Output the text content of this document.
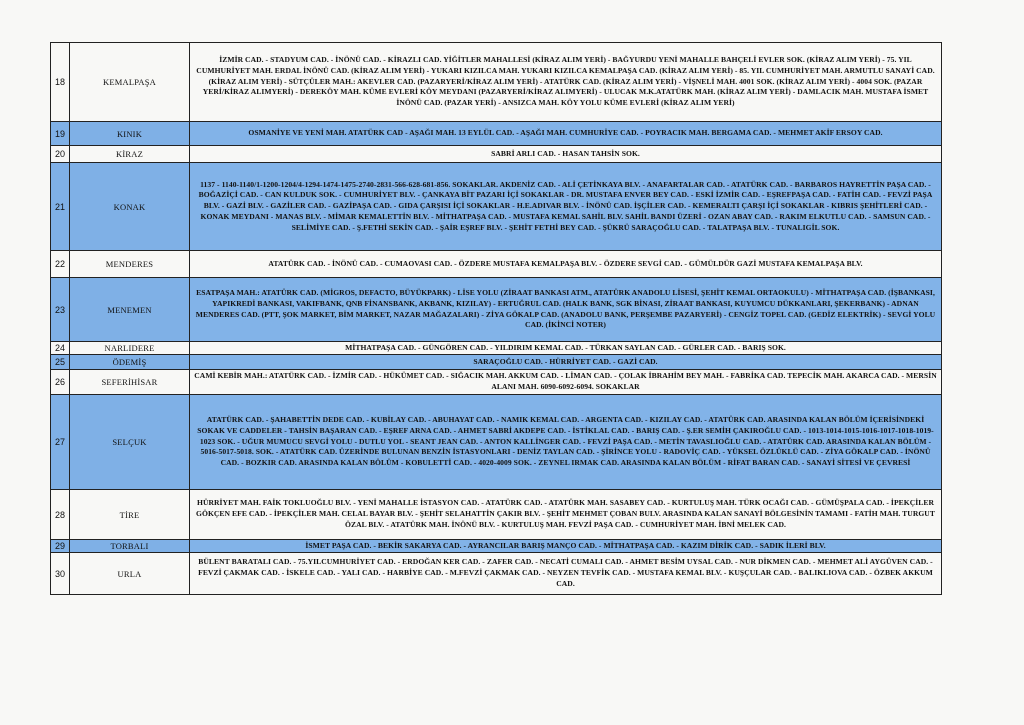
18	KEMALPAŞA	İZMİR CAD. - STADYUM CAD. - İNÖNÜ CAD. - KİRAZLI CAD. YİĞİTLER MAHALLESİ (KİRAZ ALIM YERİ) - BAĞYURDU YENİ MAHALLE BAHÇELİ EVLER SOK. (KİRAZ ALIM YERİ) - 75. YIL CUMHURİYET MAH. ERDAL İNÖNÜ CAD. (KİRAZ ALIM YERİ) - YUKARI KIZILCA MAH. YUKARI KIZILCA KEMALPAŞA CAD. (KİRAZ ALIM YERİ) - 85. YIL CUMHURİYET MAH. ARMUTLU SANAYİ CAD. (KİRAZ ALIM YERİ) - SÜTÇÜLER MAH.: AKEVLER CAD. (PAZARYERİ/KİRAZ ALIM YERİ) - ATATÜRK CAD. (KİRAZ ALIM YERİ) - VİŞNELİ MAH. 4001 SOK. (KİRAZ ALIM YERİ) - 4004 SOK. (PAZAR YERİ/KİRAZ ALIMYERİ) - DEREKÖY MAH. KÜME EVLERİ KÖY MEYDANI (PAZARYERİ/KİRAZ ALIMYERİ) - ULUCAK M.K.ATATÜRK MAH. (KİRAZ ALIM YERİ) - DAMLACIK MAH. MUSTAFA İSMET İNÖNÜ CAD. (PAZAR YERİ) - ANSIZCA MAH. KÖY YOLU KÜME EVLERİ (KİRAZ ALIM YERİ)
19	KINIK	OSMANİYE VE YENİ MAH. ATATÜRK CAD - AŞAĞI MAH. 13 EYLÜL CAD. - AŞAĞI MAH. CUMHURİYE CAD. - POYRACIK MAH. BERGAMA CAD. - MEHMET AKİF ERSOY CAD.
20	KİRAZ	SABRİ ARLI CAD. - HASAN TAHSİN SOK.
21	KONAK	1137 - 1140-1140/1-1200-1204/4-1294-1474-1475-2740-2831-566-628-681-856. SOKAKLAR. AKDENİZ CAD. - ALİ ÇETİNKAYA BLV. - ANAFARTALAR CAD. - ATATÜRK CAD. - BARBAROS HAYRETTİN PAŞA CAD. - BOĞAZİÇİ CAD. - CAN KULDUK SOK. - CUMHURİYET BLV. - ÇANKAYA BİT PAZARI İÇİ SOKAKLAR - DR. MUSTAFA ENVER BEY CAD. - ESKİ İZMİR CAD. - EŞREFPAŞA CAD. - FATİH CAD. - FEVZİ PAŞA BLV. - GAZİ BLV. - GAZİLER CAD. - GAZİPAŞA CAD. - GIDA ÇARŞISI İÇİ SOKAKLAR - H.E.ADIVAR BLV. - İNÖNÜ CAD. İŞÇİLER CAD. - KEMERALTI ÇARŞI İÇİ SOKAKLAR - KIBRIS ŞEHİTLERİ CAD. - KONAK MEYDANI - MANAS BLV. - MİMAR KEMALETTİN BLV. - MİTHATPAŞA CAD. - MUSTAFA KEMAL SAHİL BLV. SAHİL BANDI ÜZERİ - OZAN ABAY CAD. - RAKIM ELKUTLU CAD. - SAMSUN CAD. - SELİMİYE CAD. - Ş.FETHİ SEKİN CAD. - ŞAİR EŞREF BLV. - ŞEHİT FETHİ BEY CAD. - ŞÜKRÜ SARAÇOĞLU CAD. - TALATPAŞA BLV. - TUNALIGİL SOK.
22	MENDERES	ATATÜRK CAD. - İNÖNÜ CAD. - CUMAOVASI CAD. - ÖZDERE MUSTAFA KEMALPAŞA BLV. - ÖZDERE SEVGİ CAD. - GÜMÜLDÜR GAZİ MUSTAFA KEMALPAŞA BLV.
23	MENEMEN	ESATPAŞA MAH.: ATATÜRK CAD. (MİGROS, DEFACTO, BÜYÜKPARK) - LİSE YOLU (ZİRAAT BANKASI ATM., ATATÜRK ANADOLU LİSESİ, ŞEHİT KEMAL ORTAOKULU) - MİTHATPAŞA CAD. (İŞBANKASI, YAPIKREDİ BANKASI, VAKIFBANK, QNB FİNANSBANK, AKBANK, KIZILAY) - ERTUĞRUL CAD. (HALK BANK, SGK BİNASI, ZİRAAT BANKASI, KUYUMCU DÜKKANLARI, ŞEKERBANK) - ADNAN MENDERES CAD. (PTT, ŞOK MARKET, BİM MARKET, NAZAR MAĞAZALARI) - ZİYA GÖKALP CAD. (ANADOLU BANK, PERŞEMBE PAZARYERİ) - CENGİZ TOPEL CAD. (GEDİZ ELEKTRİK) - SEVGİ YOLU CAD. (İKİNCİ NOTER)
24	NARLIDERE	MİTHATPAŞA CAD. - GÜNGÖREN CAD. - YILDIRIM KEMAL CAD. - TÜRKAN SAYLAN CAD. - GÜRLER CAD. - BARIŞ SOK.
25	ÖDEMİŞ	SARAÇOĞLU CAD. - HÜRRİYET CAD. - GAZİ CAD.
26	SEFERİHİSAR	CAMİ KEBİR MAH.: ATATÜRK CAD. - İZMİR CAD. - HÜKÜMET CAD. - SIĞACIK MAH. AKKUM CAD. - LİMAN CAD. - ÇOLAK İBRAHİM BEY MAH. - FABRİKA CAD. TEPECİK MAH. AKARCA CAD. - MERSİN ALANI MAH. 6090-6092-6094. SOKAKLAR
27	SELÇUK	ATATÜRK CAD. - ŞAHABETTİN DEDE CAD. - KUBİLAY CAD. - ABUHAYAT CAD. - NAMIK KEMAL CAD. - ARGENTA CAD. - KIZILAY CAD. - ATATÜRK CAD. ARASINDA KALAN BÖLÜM İÇERİSİNDEKİ SOKAK VE CADDELER - TAHSİN BAŞARAN CAD. - EŞREF ARNA CAD. - AHMET SABRİ AKDEPE CAD. - İSTİKLAL CAD. - BARIŞ CAD. - Ş.ER SEMİH ÇAKIROĞLU CAD. - 1013-1014-1015-1016-1017-1018-1019-1023 SOK. - UĞUR MUMUCU SEVGİ YOLU - DUTLU YOL - SEANT JEAN CAD. - ANTON KALLİNGER CAD. - FEVZİ PAŞA CAD. - METİN TAVASLIOĞLU CAD. - ATATÜRK CAD. ARASINDA KALAN BÖLÜM - 5016-5017-5018. SOK. - ATATÜRK CAD. ÜZERİNDE BULUNAN BENZİN İSTASYONLARI - DENİZ TAYLAN CAD. - ŞİRİNCE YOLU - RADOVİÇ CAD. - YÜKSEL ÖZLÜKLÜ CAD. - ZİYA GÖKALP CAD. - İNÖNÜ CAD. - BOZKIR CAD. ARASINDA KALAN BÖLÜM - KOBULETTİ CAD. - 4020-4009 SOK. - ZEYNEL IRMAK CAD. ARASINDA KALAN BÖLÜM - RİFAT BARAN CAD. - SANAYİ SİTESİ VE ÇEVRESİ
28	TİRE	HÜRRİYET MAH. FAİK TOKLUOĞLU BLV. - YENİ MAHALLE İSTASYON CAD. - ATATÜRK CAD. - ATATÜRK MAH. SASABEY CAD. - KURTULUŞ MAH. TÜRK OCAĞI CAD. - GÜMÜŞPALA CAD. - İPEKÇİLER GÖKÇEN EFE CAD. - İPEKÇİLER MAH. CELAL BAYAR BLV. - ŞEHİT SELAHATTİN ÇAKIR BLV. - ŞEHİT MEHMET ÇOBAN BULV. ARASINDA KALAN SANAYİ BÖLGESİNİN TAMAMI - FATİH MAH. TURGUT ÖZAL BLV. - ATATÜRK MAH. İNÖNÜ BLV. - KURTULUŞ MAH. FEVZİ PAŞA CAD. - CUMHURİYET MAH. İBNİ MELEK CAD.
29	TORBALI	İSMET PAŞA CAD. - BEKİR SAKARYA CAD. - AYRANCILAR BARIŞ MANÇO CAD. - MİTHATPAŞA CAD. - KAZIM DİRİK CAD. - SADIK İLERİ BLV.
30	URLA	BÜLENT BARATALI CAD. - 75.YILCUMHURİYET CAD. - ERDOĞAN KER CAD. - ZAFER CAD. - NECATİ CUMALI CAD. - AHMET BESİM UYSAL CAD. - NUR DİKMEN CAD. - MEHMET ALİ AYGÜVEN CAD. - FEVZİ ÇAKMAK CAD. - İSKELE CAD. - YALI CAD. - HARBİYE CAD. - M.FEVZİ ÇAKMAK CAD. - NEYZEN TEVFİK CAD. - MUSTAFA KEMAL BLV. - KUŞÇULAR CAD. - BALIKLIOVA CAD. - ÖZBEK AKKUM CAD.
